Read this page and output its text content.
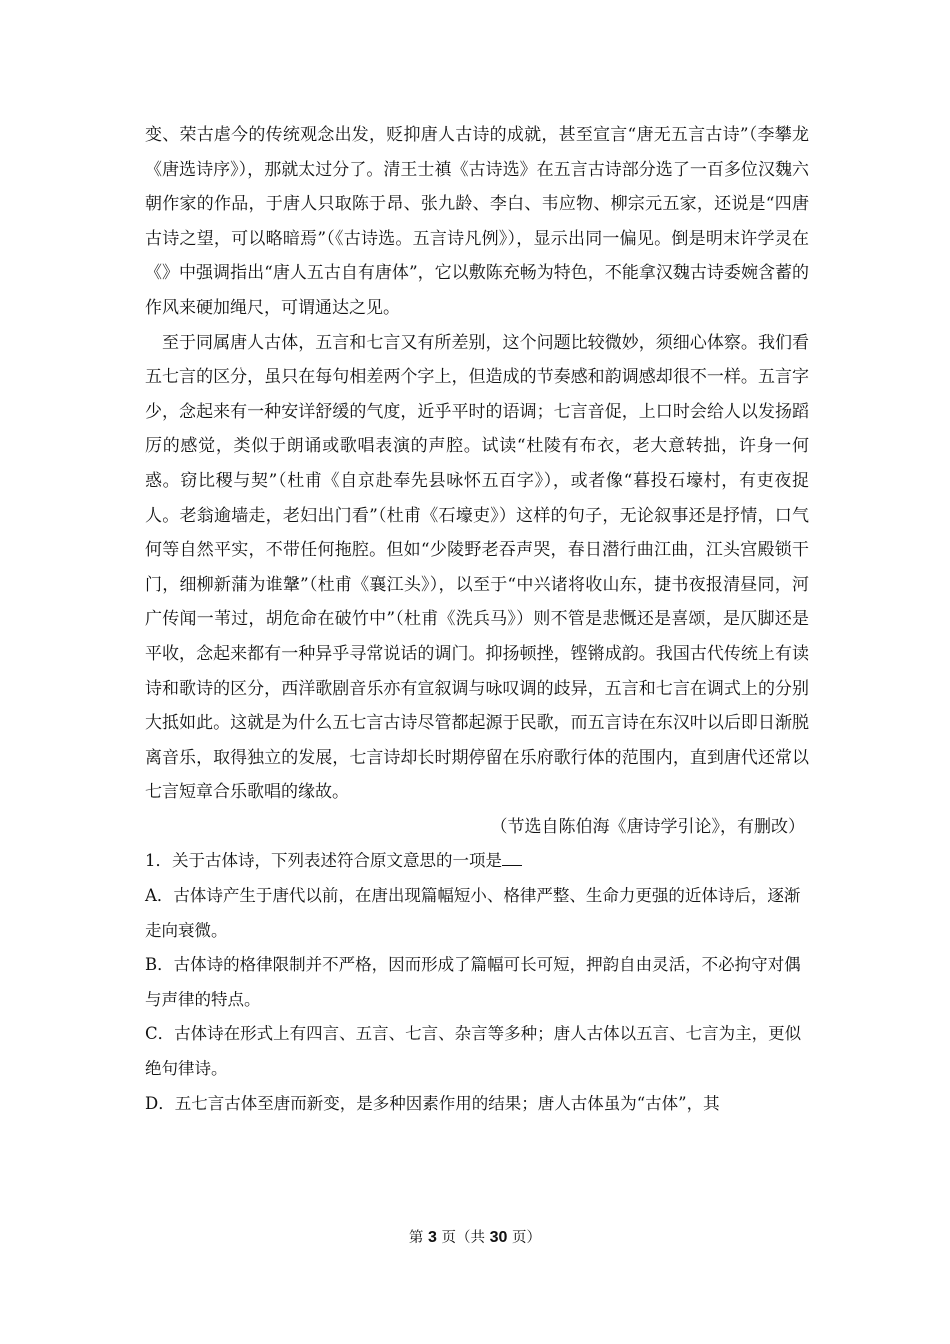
变、荣古虐今的传统观念出发，贬抑唐人古诗的成就，甚至宣言“唐无五言古诗”（李攀龙《唐选诗序》），那就太过分了。清王士禛《古诗选》在五言古诗部分选了一百多位汉魏六朝作家的作品，于唐人只取陈于昂、张九龄、李白、韦应物、柳宗元五家，还说是“四唐古诗之望，可以略暗焉”（《古诗选。五言诗凡例》），显示出同一偏见。倒是明末许学灵在《》中强调指出“唐人五古自有唐体”，它以敷陈充畅为特色，不能拿汉魏古诗委婉含蓄的作风来硬加绳尺，可谓通达之见。

至于同属唐人古体，五言和七言又有所差别，这个问题比较微妙，须细心体察。我们看五七言的区分，虽只在每句相差两个字上，但造成的节奏感和韵调感却很不一样。五言字少，念起来有一种安详舒缓的气度，近乎平时的语调；七言音促，上口时会给人以发扬蹈厉的感觉，类似于朗诵或歌唱表演的声腔。试读“杜陵有布衣，老大意转拙，许身一何惑。窃比稷与契”（杜甫《自京赴奉先县咏怀五百字》），或者像“暮投石壕村，有吏夜捉人。老翁逾墙走，老妇出门看”（杜甫《石壕吏》）这样的句子，无论叙事还是抒情，口气何等自然平实，不带任何拖腔。但如“少陵野老吞声哭，春日潜行曲江曲，江头宫殿锁干门，细柳新蒲为谁鞶”（杜甫《襄江头》），以至于“中兴诸将收山东，捷书夜报清昼同，河广传闻一苇过，胡危命在破竹中”（杜甫《洗兵马》）则不管是悲慨还是喜颂，是仄脚还是平收，念起来都有一种异乎寻常说话的调门。抑扬顿挫，铿锵成韵。我国古代传统上有读诗和歌诗的区分，西洋歌剧音乐亦有宣叙调与咏叹调的歧异，五言和七言在调式上的分别大抵如此。这就是为什么五七言古诗尽管都起源于民歌，而五言诗在东汉叶以后即日渐脱离音乐，取得独立的发展，七言诗却长时期停留在乐府歌行体的范围内，直到唐代还常以七言短章合乐歌唱的缘故。

（节选自陈伯海《唐诗学引论》，有删改）

1．关于古体诗，下列表述符合原文意思的一项是

A．古体诗产生于唐代以前，在唐出现篇幅短小、格律严整、生命力更强的近体诗后，逐渐走向衰微。

B．古体诗的格律限制并不严格，因而形成了篇幅可长可短，押韵自由灵活，不必拘守对偶与声律的特点。

C．古体诗在形式上有四言、五言、七言、杂言等多种；唐人古体以五言、七言为主，更似绝句律诗。

D．五七言古体至唐而新变，是多种因素作用的结果；唐人古体虽为“古体”，其

第 3 页（共 30 页）
